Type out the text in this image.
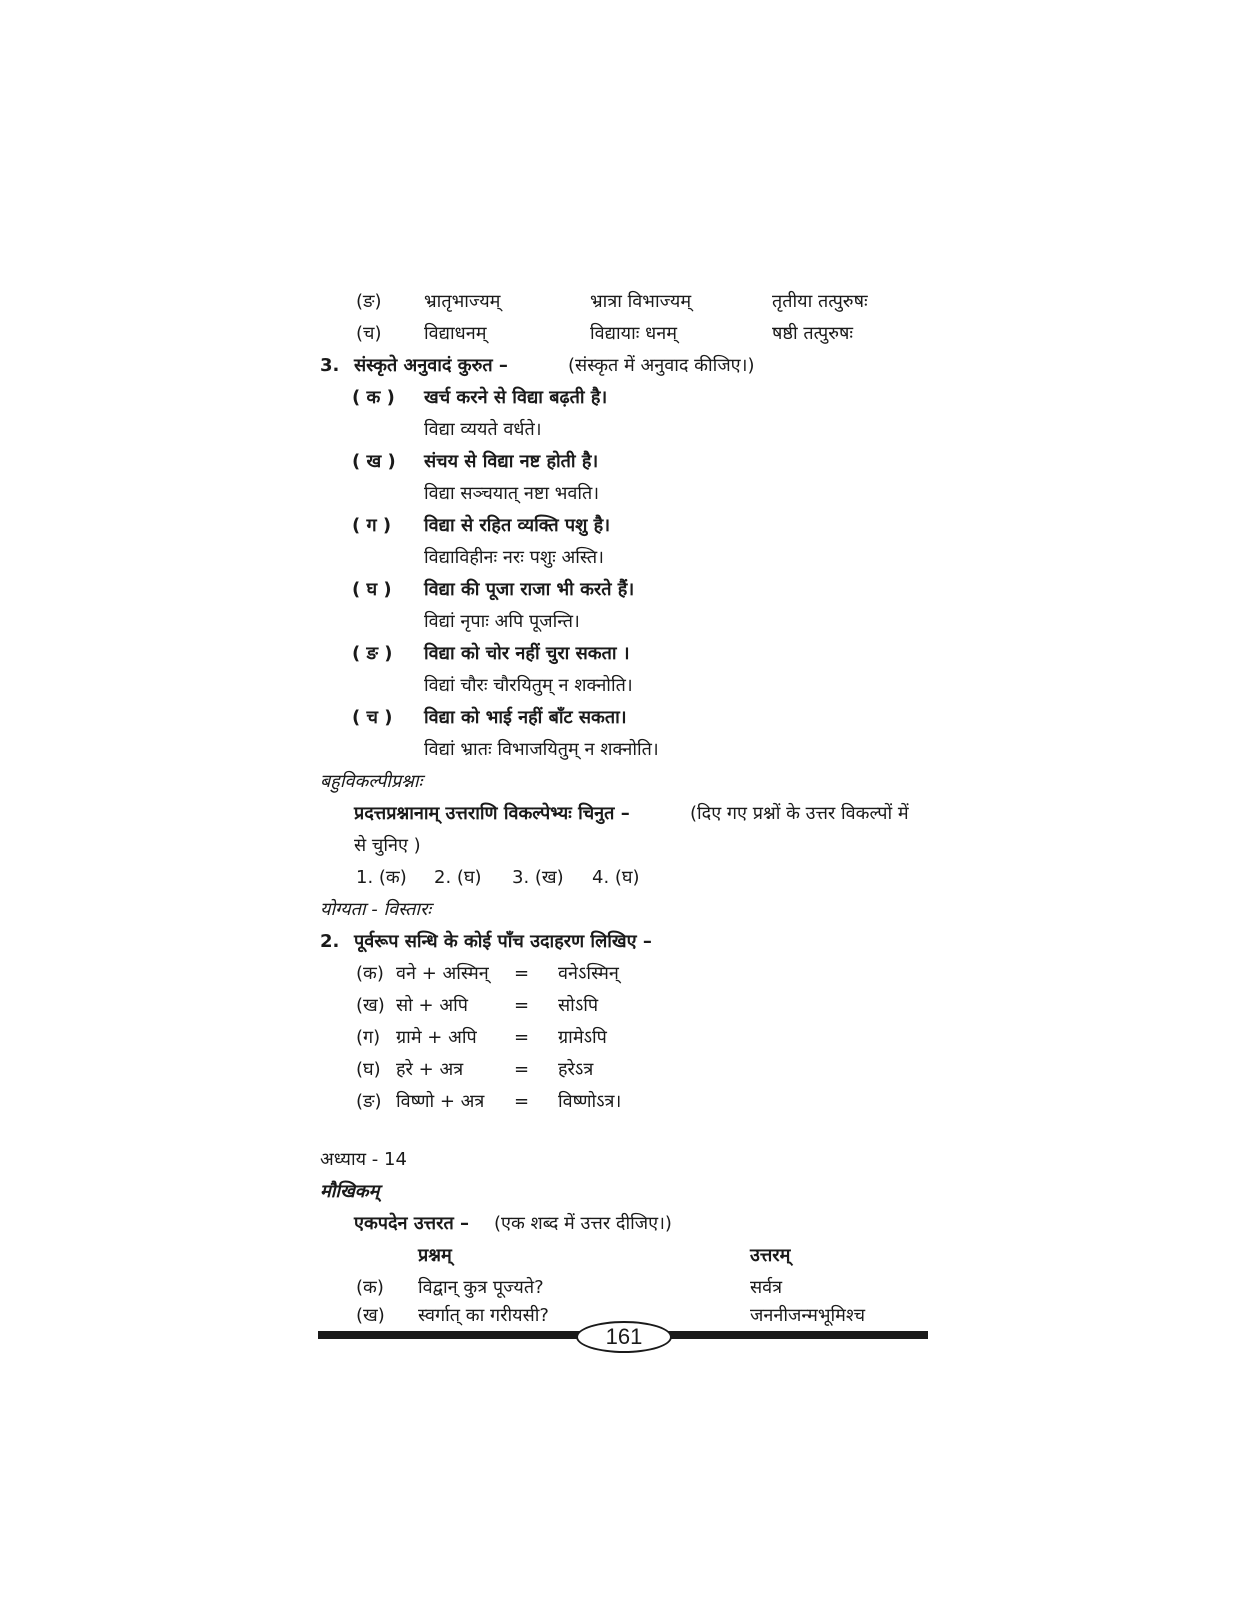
(ङ) भ्रातृभाज्यम्	भ्रात्रा विभाज्यम्	तृतीया तत्पुरुषः
(च) विद्याधनम्	विद्यायाः धनम्	षष्ठी तत्पुरुषः
3. संस्कृते अनुवादं कुरुत –	(संस्कृत में अनुवाद कीजिए।)
( क ) खर्च करने से विद्या बढ़ती है।
विद्या व्ययते वर्धते।
( ख ) संचय से विद्या नष्ट होती है।
विद्या सञ्चयात् नष्टा भवति।
( ग ) विद्या से रहित व्यक्ति पशु है।
विद्याविहीनः नरः पशुः अस्ति।
( घ ) विद्या की पूजा राजा भी करते हैं।
विद्यां नृपाः अपि पूजन्ति।
( ङ ) विद्या को चोर नहीं चुरा सकता ।
विद्यां चौरः चौरयितुम् न शक्नोति।
( च ) विद्या को भाई नहीं बाँट सकता।
विद्यां भ्रातः विभाजयितुम् न शक्नोति।
बहुविकल्पीप्रश्नाः
प्रदत्तप्रश्नानाम् उत्तराणि विकल्पेभ्यः चिनुत –	(दिए गए प्रश्नों के उत्तर विकल्पों में
से चुनिए )
1. (क) 2. (घ) 3. (ख) 4. (घ)
योग्यता - विस्तारः
2. पूर्वरूप सन्धि के कोई पाँच उदाहरण लिखिए –
(क) वने + अस्मिन् = वनेऽस्मिन्
(ख) सो + अपि	= सोऽपि
(ग) ग्रामे + अपि = ग्रामेऽपि
(घ) हरे + अत्र	= हरेऽत्र
(ङ) विष्णो + अत्र = विष्णोऽत्र।
अध्याय - 14
मौखिकम्
एकपदेन उत्तरत – (एक शब्द में उत्तर दीजिए।)
प्रश्नम्	उत्तरम्
(क) विद्वान् कुत्र पूज्यते?	सर्वत्र
(ख) स्वर्गात् का गरीयसी?	जननीजन्मभूमिश्च
161
